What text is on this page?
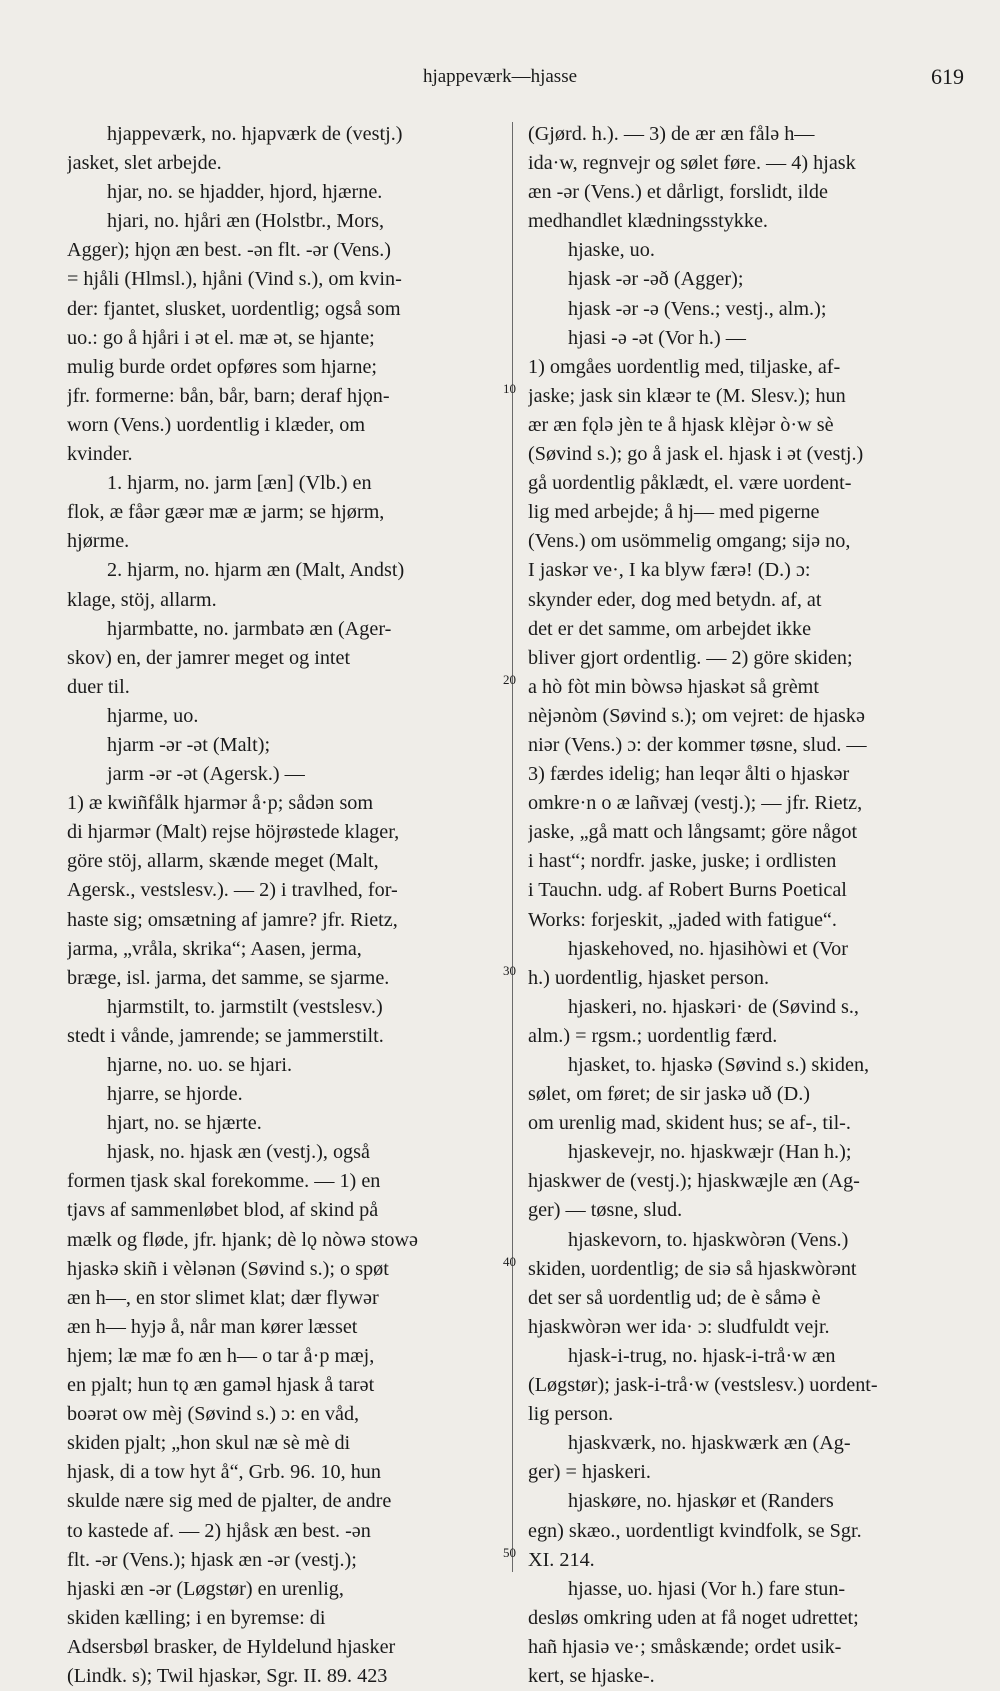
hjappeværk—hjasse	619
hjappeværk, no. hjapværk de (vestj.)
jasket, slet arbejde.
hjar, no. se hjadder, hjord, hjærne.
hjari, no. hjåri æn (Holstbr., Mors,
Agger); hjǫn æn best. -ən flt. -ər (Vens.)
= hjåli (Hlmsl.), hjåni (Vind s.), om kvin-
der: fjantet, slusket, uordentlig; også som
uo.: go å hjåri i ət el. mæ ət, se hjante;
mulig burde ordet opføres som hjarne;
jfr. formerne: bån, bår, barn; deraf hjǫn-
worn (Vens.) uordentlig i klæder, om
kvinder.
1. hjarm, no. jarm [æn] (Vlb.) en
flok, æ fåər gæər mæ æ jarm; se hjørm,
hjørme.
2. hjarm, no. hjarm æn (Malt, Andst)
klage, stöj, allarm.
hjarmbatte, no. jarmbatə æn (Ager-
skov) en, der jamrer meget og intet
duer til.
hjarme, uo.
hjarm -ər -ət (Malt);
jarm -ər -ət (Agersk.) —
1) æ kwiñfålk hjarmər å·p; sådən som
di hjarmər (Malt) rejse höjrøstede klager,
göre stöj, allarm, skænde meget (Malt,
Agersk., vestslesv.). — 2) i travlhed, for-
haste sig; omsætning af jamre? jfr. Rietz,
jarma, „vråla, skrika“; Aasen, jerma,
bræge, isl. jarma, det samme, se sjarme.
hjarmstilt, to. jarmstilt (vestslesv.)
stedt i vånde, jamrende; se jammerstilt.
hjarne, no. uo. se hjari.
hjarre, se hjorde.
hjart, no. se hjærte.
hjask, no. hjask æn (vestj.), også
formen tjask skal forekomme. — 1) en
tjavs af sammenløbet blod, af skind på
mælk og fløde, jfr. hjank; dè lǫ nòwə stowə
hjaskə skiñ i vèlənən (Søvind s.); o spøt
æn h—, en stor slimet klat; dær flywər
æn h— hyjə å, når man kører læsset
hjem; læ mæ fo æn h— o tar å·p mæj,
en pjalt; hun tǫ æn gaməl hjask å tarət
boərət ow mèj (Søvind s.) ɔ: en våd,
skiden pjalt; „hon skul næ sè mè di
hjask, di a tow hyt å“, Grb. 96. 10, hun
skulde nære sig med de pjalter, de andre
to kastede af. — 2) hjåsk æn best. -ən
flt. -ər (Vens.); hjask æn -ər (vestj.);
hjaski æn -ər (Løgstør) en urenlig,
skiden kælling; i en byremse: di
Adsersbøl brasker, de Hyldelund hjasker
(Lindk. s); Twil hjaskər, Sgr. II. 89. 423
(Gjørd. h.). — 3) de ær æn fålə h—
ida·w, regnvejr og sølet føre. — 4) hjask
æn -ər (Vens.) et dårligt, forslidt, ilde
medhandlet klædningsstykke.
hjaske, uo.
hjask -ər -əð (Agger);
hjask -ər -ə (Vens.; vestj., alm.);
hjasi -ə -ət (Vor h.) —
1) omgåes uordentlig med, tiljaske, af-
jaske; jask sin klæər te (M. Slesv.); hun
ær æn fǫlə jèn te å hjask klèjər ò·w sè
(Søvind s.); go å jask el. hjask i ət (vestj.)
gå uordentlig påklædt, el. være uordent-
lig med arbejde; å hj— med pigerne
(Vens.) om usömmelig omgang; sijə no,
I jaskər ve·, I ka blyw færə! (D.) ɔ:
skynder eder, dog med betydn. af, at
det er det samme, om arbejdet ikke
bliver gjort ordentlig. — 2) göre skiden;
a hò fòt min bòwsə hjaskət så grèmt
nèjənòm (Søvind s.); om vejret: de hjaskə
niər (Vens.) ɔ: der kommer tøsne, slud. —
3) færdes idelig; han leqər ålti o hjaskər
omkre·n o æ lañvæj (vestj.); — jfr. Rietz,
jaske, „gå matt och långsamt; göre något
i hast“; nordfr. jaske, juske; i ordlisten
i Tauchn. udg. af Robert Burns Poetical
Works: forjeskit, „jaded with fatigue“.
hjaskehoved, no. hjasihòwi et (Vor
h.) uordentlig, hjasket person.
hjaskeri, no. hjaskəri· de (Søvind s.,
alm.) = rgsm.; uordentlig færd.
hjasket, to. hjaskə (Søvind s.) skiden,
sølet, om føret; de sir jaskə uð (D.)
om urenlig mad, skident hus; se af-, til-.
hjaskevejr, no. hjaskwæjr (Han h.);
hjaskwer de (vestj.); hjaskwæjle æn (Ag-
ger) — tøsne, slud.
hjaskevorn, to. hjaskwòrən (Vens.)
skiden, uordentlig; de siə så hjaskwòrənt
det ser så uordentlig ud; de è såmə è
hjaskwòrən wer ida· ɔ: sludfuldt vejr.
hjask-i-trug, no. hjask-i-trå·w æn
(Løgstør); jask-i-trå·w (vestslesv.) uordent-
lig person.
hjaskværk, no. hjaskwærk æn (Ag-
ger) = hjaskeri.
hjaskøre, no. hjaskør et (Randers
egn) skæo., uordentligt kvindfolk, se Sgr.
XI. 214.
hjasse, uo. hjasi (Vor h.) fare stun-
desløs omkring uden at få noget udrettet;
hañ hjasiə ve·; småskænde; ordet usik-
kert, se hjaske-.
10
20
30
40
50
